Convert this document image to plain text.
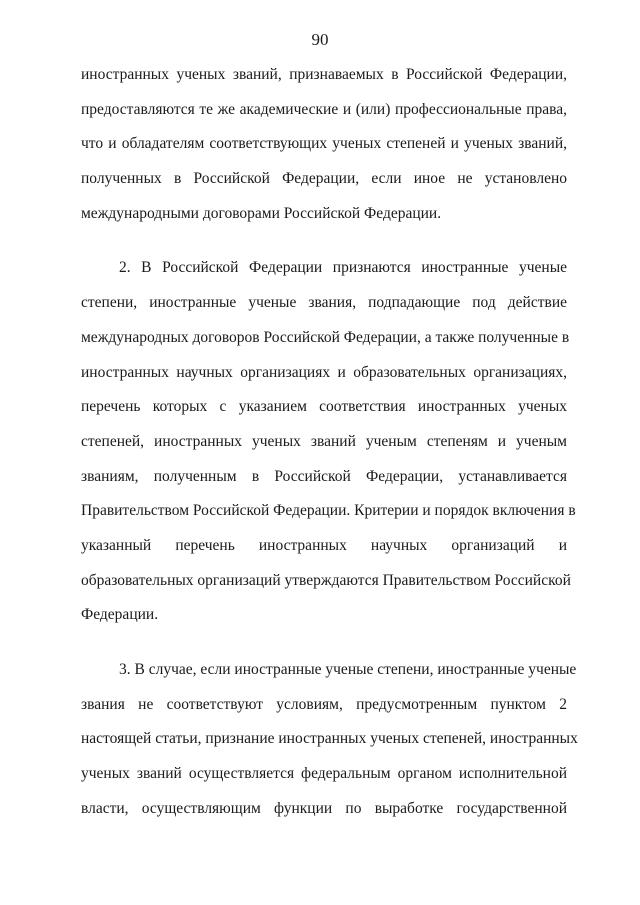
90
иностранных ученых званий, признаваемых в Российской Федерации,
предоставляются те же академические и (или) профессиональные права,
что и обладателям соответствующих ученых степеней и ученых званий,
полученных в Российской Федерации, если иное не установлено
международными договорами Российской Федерации.
2. В Российской Федерации признаются иностранные ученые
степени, иностранные ученые звания, подпадающие под действие
международных договоров Российской Федерации, а также полученные в
иностранных научных организациях и образовательных организациях,
перечень которых с указанием соответствия иностранных ученых
степеней, иностранных ученых званий ученым степеням и ученым
званиям, полученным в Российской Федерации, устанавливается
Правительством Российской Федерации. Критерии и порядок включения в
указанный перечень иностранных научных организаций и
образовательных организаций утверждаются Правительством Российской
Федерации.
3. В случае, если иностранные ученые степени, иностранные ученые
звания не соответствуют условиям, предусмотренным пунктом 2
настоящей статьи, признание иностранных ученых степеней, иностранных
ученых званий осуществляется федеральным органом исполнительной
власти, осуществляющим функции по выработке государственной
